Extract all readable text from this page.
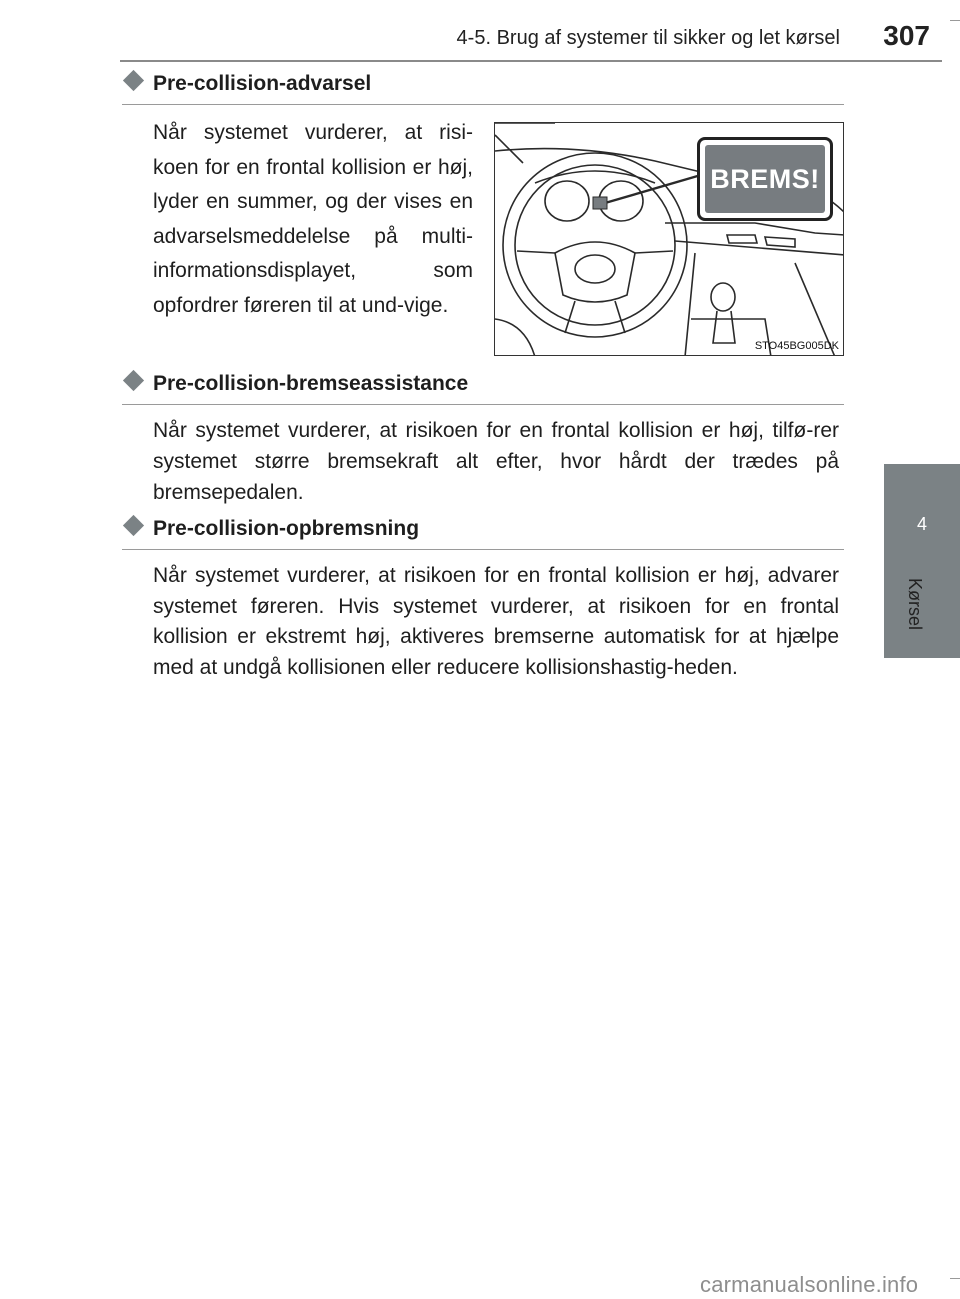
4-5. Brug af systemer til sikker og let kørsel 307
4
Kørsel
Pre-collision-advarsel
Når systemet vurderer, at risi-koen for en frontal kollision er høj, lyder en summer, og der vises en advarselsmeddelelse på multi-informationsdisplayet, som opfordrer føreren til at und-vige.
BREMS!
STO45BG005DK
Pre-collision-bremseassistance
Når systemet vurderer, at risikoen for en frontal kollision er høj, tilfø-rer systemet større bremsekraft alt efter, hvor hårdt der trædes på bremsepedalen.
Pre-collision-opbremsning
Når systemet vurderer, at risikoen for en frontal kollision er høj, advarer systemet føreren. Hvis systemet vurderer, at risikoen for en frontal kollision er ekstremt høj, aktiveres bremserne automatisk for at hjælpe med at undgå kollisionen eller reducere kollisionshastig-heden.
carmanualsonline.info
